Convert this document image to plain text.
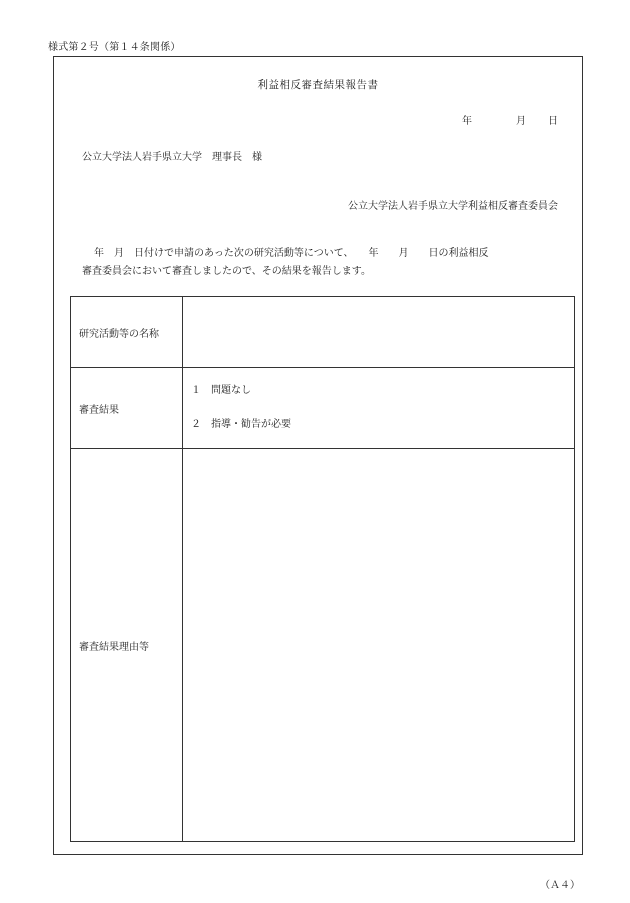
様式第２号（第１４条関係）
利益相反審査結果報告書
年	月 日
公立大学法人岩手県立大学　理事長　様
公立大学法人岩手県立大学利益相反審査委員会
年　月　日付けで申請のあった次の研究活動等について、　　年　　月　　日の利益相反
審査委員会において審査しましたので、その結果を報告します。
研究活動等の名称	
審査結果	１　問題なし
２　指導・勧告が必要

審査結果理由等	
（Ａ４）
